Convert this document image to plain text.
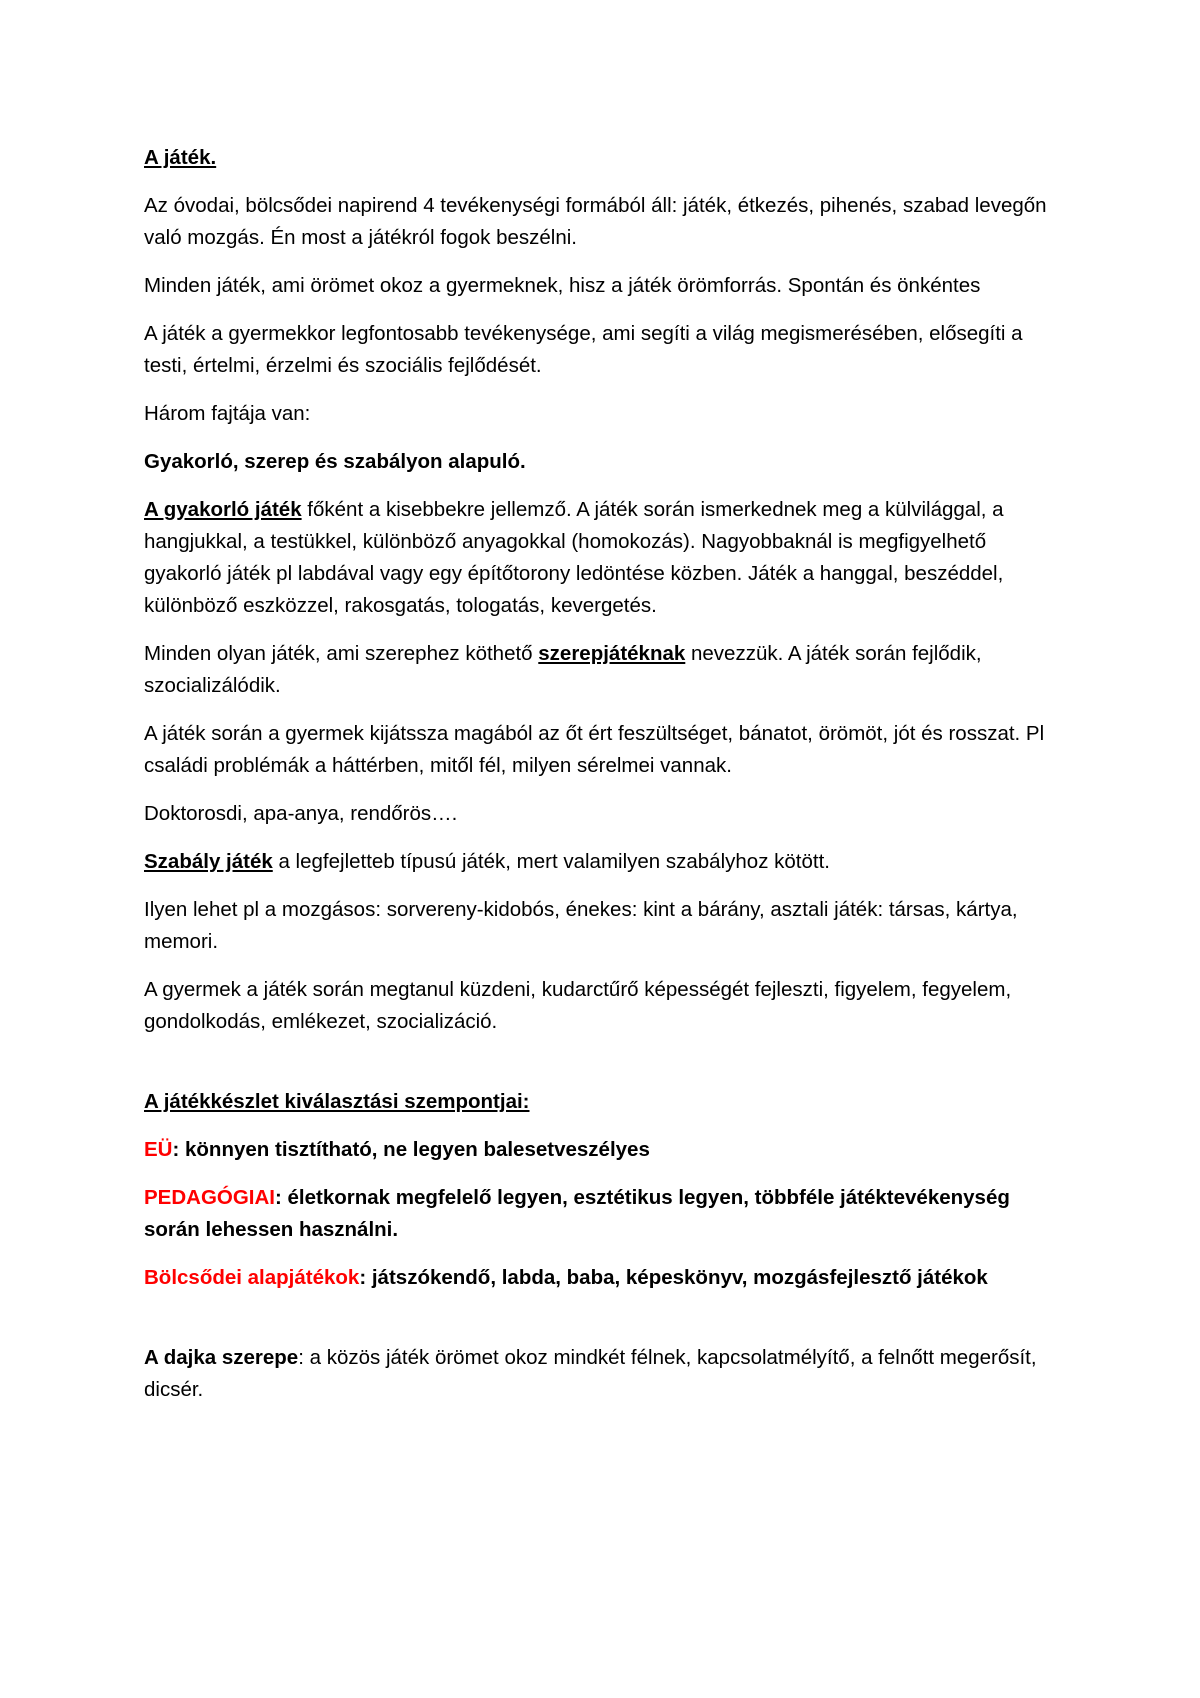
A játék.

Az óvodai, bölcsődei napirend 4 tevékenységi formából áll: játék, étkezés, pihenés, szabad levegőn való mozgás. Én most a játékról fogok beszélni.

Minden játék, ami örömet okoz a gyermeknek, hisz a játék örömforrás. Spontán és önkéntes

A játék a gyermekkor legfontosabb tevékenysége, ami segíti a világ megismerésében, elősegíti a testi, értelmi, érzelmi és szociális fejlődését.

Három fajtája van:

Gyakorló, szerep és szabályon alapuló.

A gyakorló játék főként a kisebbekre jellemző. A játék során ismerkednek meg a külvilággal, a hangjukkal, a testükkel, különböző anyagokkal (homokozás). Nagyobbaknál is megfigyelhető gyakorló játék pl labdával vagy egy építőtorony ledöntése közben. Játék a hanggal, beszéddel, különböző eszközzel, rakosgatás, tologatás, kevergetés.

Minden olyan játék, ami szerephez köthető szerepjátéknak nevezzük. A játék során fejlődik, szocializálódik.

A játék során a gyermek kijátssza magából az őt ért feszültséget, bánatot, örömöt, jót és rosszat. Pl családi problémák a háttérben, mitől fél, milyen sérelmei vannak.

Doktorosdi, apa-anya, rendőrös….

Szabály játék a legfejletteb típusú játék, mert valamilyen szabályhoz kötött.

Ilyen lehet pl a mozgásos: sorvereny-kidobós, énekes: kint a bárány, asztali játék: társas, kártya, memori.

A gyermek a játék során megtanul küzdeni, kudarctűrő képességét fejleszti, figyelem, fegyelem, gondolkodás, emlékezet, szocializáció.

A játékkészlet kiválasztási szempontjai:

EÜ: könnyen tisztítható, ne legyen balesetveszélyes

PEDAGÓGIAI: életkornak megfelelő legyen, esztétikus legyen, többféle játéktevékenység során lehessen használni.

Bölcsődei alapjátékok: játszókendő, labda, baba, képeskönyv, mozgásfejlesztő játékok

A dajka szerepe: a közös játék örömet okoz mindkét félnek, kapcsolatmélyítő, a felnőtt megerősít, dicsér.
